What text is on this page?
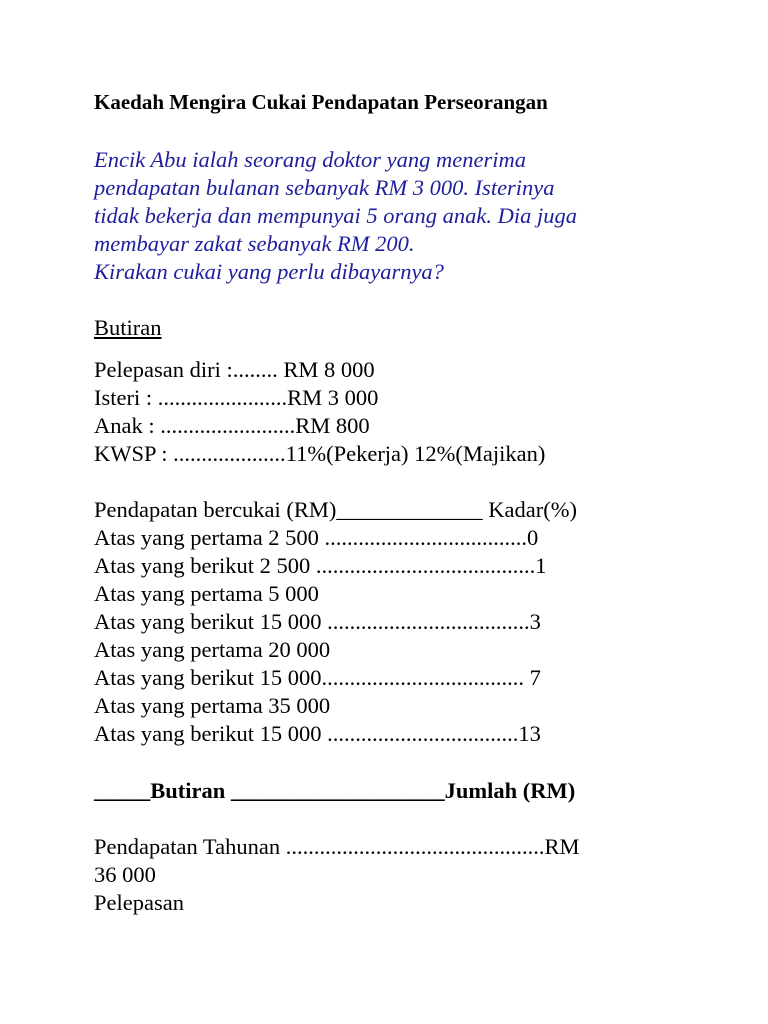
Kaedah Mengira Cukai Pendapatan Perseorangan
Encik Abu ialah seorang doktor yang menerima
pendapatan bulanan sebanyak RM 3 000. Isterinya
tidak bekerja dan mempunyai 5 orang anak. Dia juga
membayar zakat sebanyak RM 200.
Kirakan cukai yang perlu dibayarnya?
Butiran
Pelepasan diri :........ RM 8 000
Isteri : .......................RM 3 000
Anak : ........................RM 800
KWSP : ....................11%(Pekerja) 12%(Majikan)
Pendapatan bercukai (RM)_____________ Kadar(%)
Atas yang pertama 2 500 ....................................0
Atas yang berikut 2 500 .......................................1
Atas yang pertama 5 000
Atas yang berikut 15 000 ....................................3
Atas yang pertama 20 000
Atas yang berikut 15 000.................................... 7
Atas yang pertama 35 000
Atas yang berikut 15 000 ..................................13
_____Butiran ___________________Jumlah (RM)
Pendapatan Tahunan ..............................................RM
36 000
Pelepasan
